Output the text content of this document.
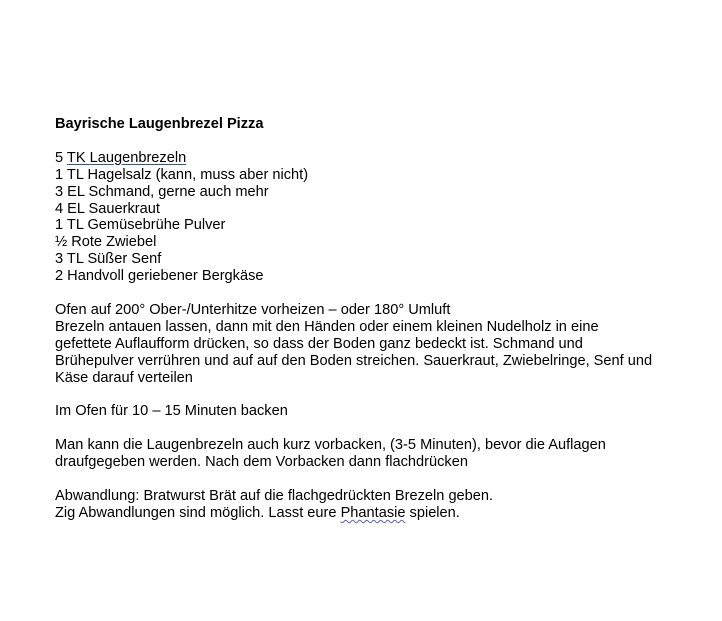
Bayrische Laugenbrezel Pizza

5 TK Laugenbrezeln

1 TL Hagelsalz (kann, muss aber nicht)

3 EL Schmand, gerne auch mehr

4 EL Sauerkraut

1 TL Gemüsebrühe Pulver

½ Rote Zwiebel

3 TL Süßer Senf

2 Handvoll geriebener Bergkäse

Ofen auf 200° Ober-/Unterhitze vorheizen – oder 180° Umluft

Brezeln antauen lassen, dann mit den Händen oder einem kleinen Nudelholz in eine

gefettete Auflaufform drücken, so dass der Boden ganz bedeckt ist. Schmand und

Brühepulver verrühren und auf auf den Boden streichen. Sauerkraut, Zwiebelringe, Senf und

Käse darauf verteilen

Im Ofen für 10 – 15 Minuten backen

Man kann die Laugenbrezeln auch kurz vorbacken, (3-5 Minuten), bevor die Auflagen

draufgegeben werden. Nach dem Vorbacken dann flachdrücken

Abwandlung: Bratwurst Brät auf die flachgedrückten Brezeln geben.

Zig Abwandlungen sind möglich. Lasst eure Phantasie spielen.
